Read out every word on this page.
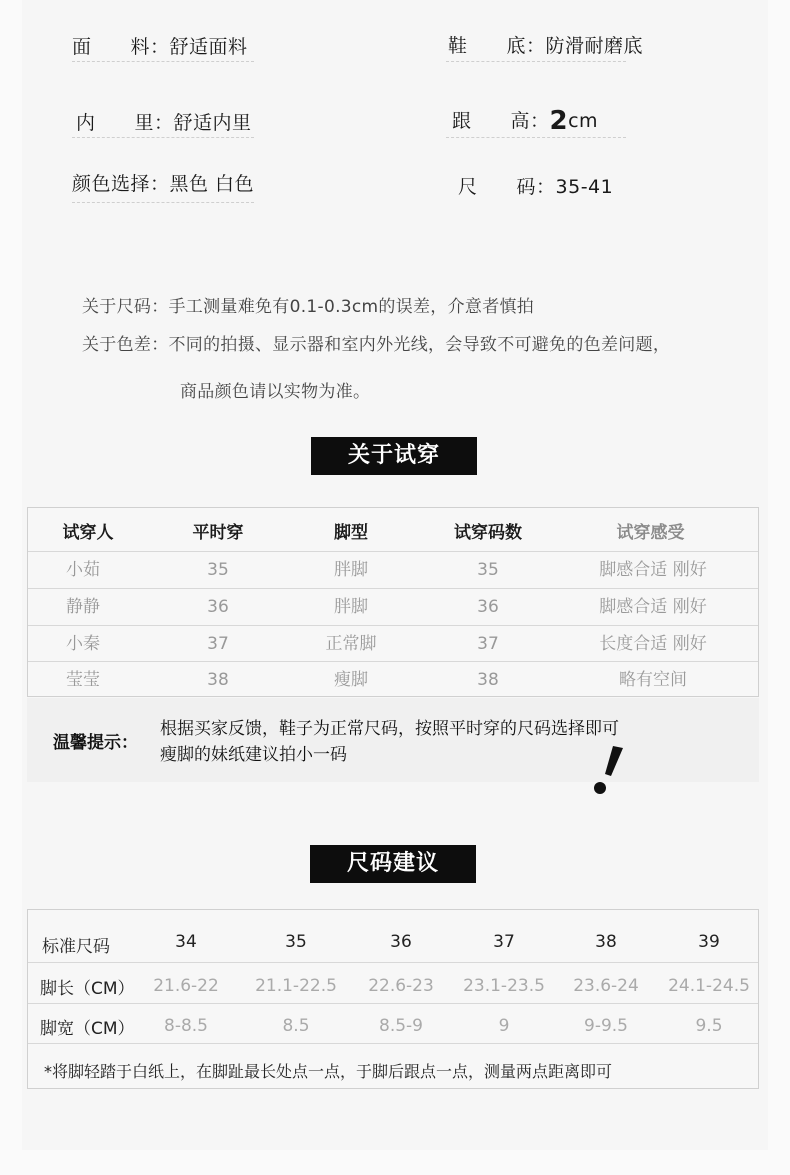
面　　料：舒适面料	鞋　　底：防滑耐磨底
内　　里：舒适内里	跟　　高：2cm
颜色选择：黑色 白色	尺　　码：35-41
关于尺码：手工测量难免有0.1-0.3cm的误差，介意者慎拍
关于色差：不同的拍摄、显示器和室内外光线，会导致不可避免的色差问题，
商品颜色请以实物为准。
关于试穿
试穿人	平时穿	脚型	试穿码数	试穿感受
小茹	35	胖脚	35	脚感合适 刚好
静静	36	胖脚	36	脚感合适 刚好
小秦	37	正常脚	37	长度合适 刚好
莹莹	38	瘦脚	38	略有空间
温馨提示：
根据买家反馈，鞋子为正常尺码，按照平时穿的尺码选择即可
瘦脚的妹纸建议拍小一码
尺码建议
标准尺码	34	35	36	37	38	39
脚长（CM）	21.6-22	21.1-22.5	22.6-23	23.1-23.5	23.6-24	24.1-24.5
脚宽（CM）	8-8.5	8.5	8.5-9	9	9-9.5	9.5
*将脚轻踏于白纸上，在脚趾最长处点一点，于脚后跟点一点，测量两点距离即可
